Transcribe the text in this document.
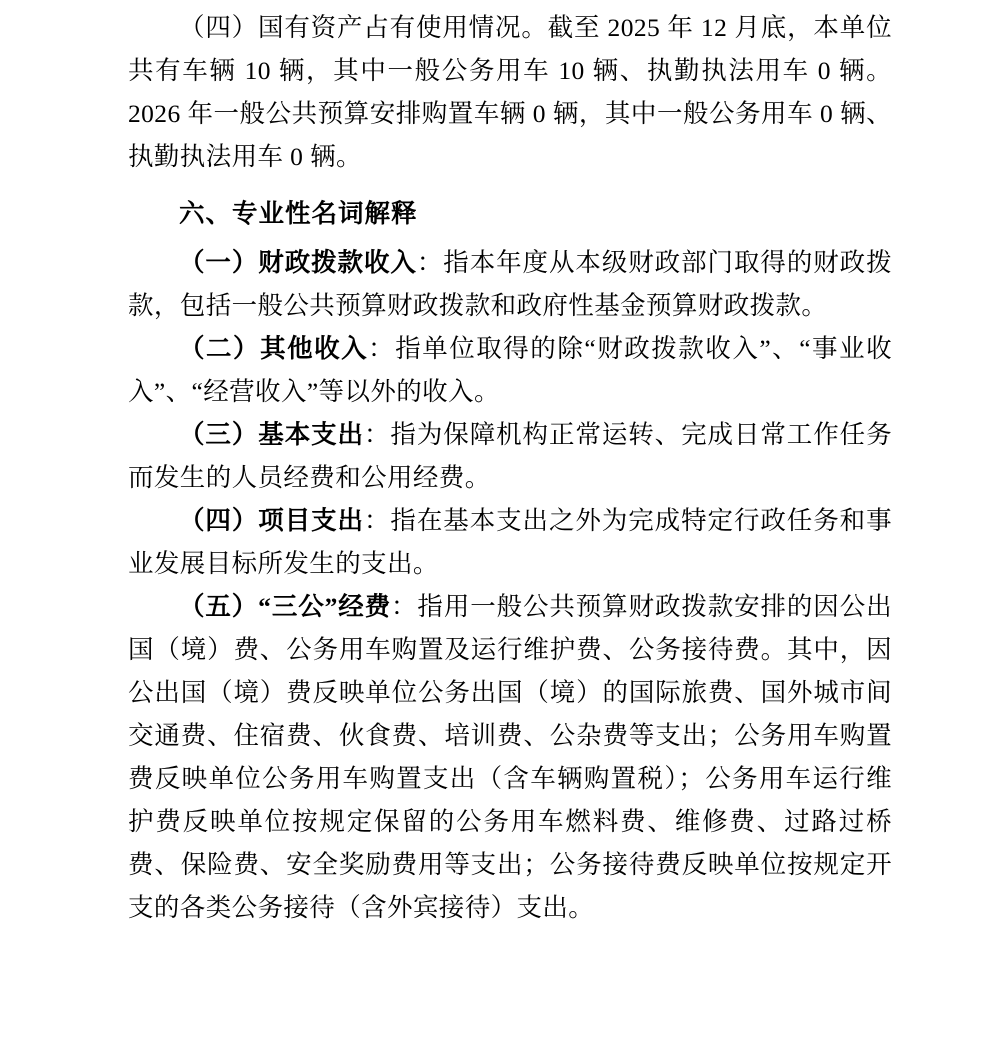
（四）国有资产占有使用情况。截至 2025 年 12 月底，本单位共有车辆 10 辆，其中一般公务用车 10 辆、执勤执法用车 0 辆。2026 年一般公共预算安排购置车辆 0 辆，其中一般公务用车 0 辆、执勤执法用车 0 辆。

六、专业性名词解释

（一）财政拨款收入：指本年度从本级财政部门取得的财政拨款，包括一般公共预算财政拨款和政府性基金预算财政拨款。

（二）其他收入：指单位取得的除“财政拨款收入”、“事业收入”、“经营收入”等以外的收入。

（三）基本支出：指为保障机构正常运转、完成日常工作任务而发生的人员经费和公用经费。

（四）项目支出：指在基本支出之外为完成特定行政任务和事业发展目标所发生的支出。

（五）“三公”经费：指用一般公共预算财政拨款安排的因公出国（境）费、公务用车购置及运行维护费、公务接待费。其中，因公出国（境）费反映单位公务出国（境）的国际旅费、国外城市间交通费、住宿费、伙食费、培训费、公杂费等支出；公务用车购置费反映单位公务用车购置支出（含车辆购置税）；公务用车运行维护费反映单位按规定保留的公务用车燃料费、维修费、过路过桥费、保险费、安全奖励费用等支出；公务接待费反映单位按规定开支的各类公务接待（含外宾接待）支出。
